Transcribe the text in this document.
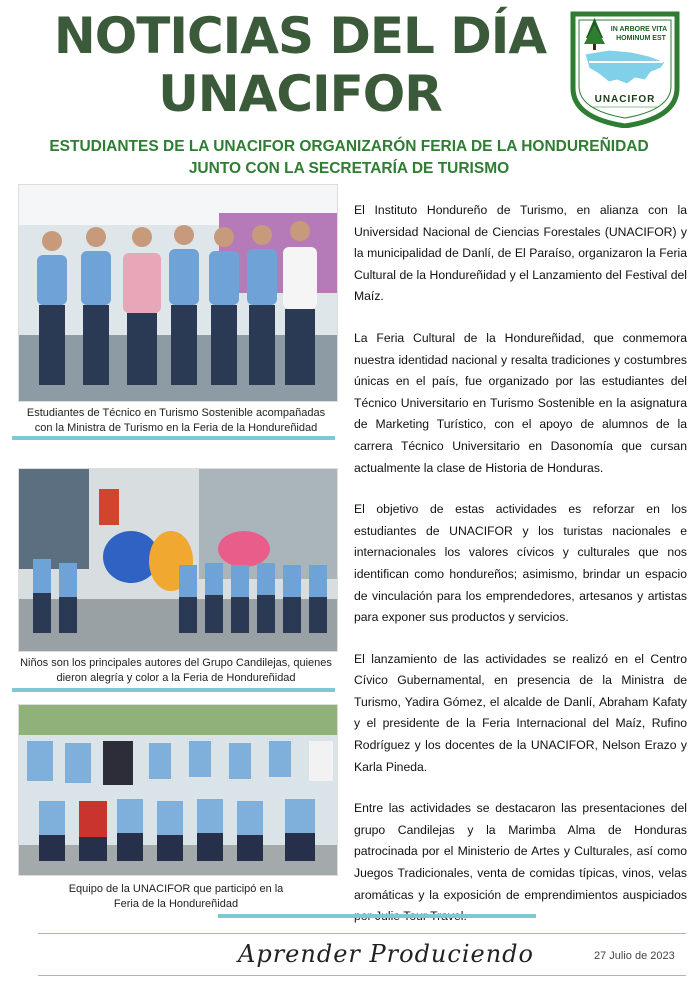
NOTICIAS DEL DÍA
UNACIFOR
IN ARBORE VITA
HOMINUM EST
UNACIFOR
ESTUDIANTES DE LA UNACIFOR ORGANIZARÓN FERIA DE LA HONDUREÑIDAD
JUNTO CON LA SECRETARÍA DE TURISMO
Estudiantes de Técnico en Turismo Sostenible acompañadas
con la Ministra de Turismo en la Feria de la Hondureñidad
Niños son los principales autores del Grupo Candilejas, quienes
dieron alegría y color a la Feria de Hondureñidad
Equipo de la UNACIFOR que participó en la
Feria de la Hondureñidad

El Instituto Hondureño de Turismo, en alianza con la Universidad Nacional de Ciencias Forestales (UNACIFOR) y la municipalidad de Danlí, de El Paraíso, organizaron la Feria Cultural de la Hondureñidad y el Lanzamiento del Festival del Maíz.

La Feria Cultural de la Hondureñidad, que conmemora nuestra identidad nacional y resalta tradiciones y costumbres únicas en el país, fue organizado por las estudiantes del Técnico Universitario en Turismo Sostenible en la asignatura de Marketing Turístico, con el apoyo de alumnos de la carrera Técnico Universitario en Dasonomía que cursan actualmente la clase de Historia de Honduras.

El objetivo de estas actividades es reforzar en los estudiantes de UNACIFOR y los turistas nacionales e internacionales los valores cívicos y culturales que nos identifican como hondureños; asimismo, brindar un espacio de vinculación para los emprendedores, artesanos y artistas para exponer sus productos y servicios.

El lanzamiento de las actividades se realizó en el Centro Cívico Gubernamental, en presencia de la Ministra de Turismo, Yadira Gómez, el alcalde de Danlí, Abraham Kafaty y el presidente de la Feria Internacional del Maíz, Rufino Rodríguez y los docentes de la UNACIFOR, Nelson Erazo y Karla Pineda.

Entre las actividades se destacaron las presentaciones del grupo Candilejas y la Marimba Alma de Honduras patrocinada por el Ministerio de Artes y Culturales, así como Juegos Tradicionales, venta de comidas típicas, vinos, velas aromáticas y la exposición de emprendimientos auspiciados

Aprender Produciendo	27 Julio de 2023
